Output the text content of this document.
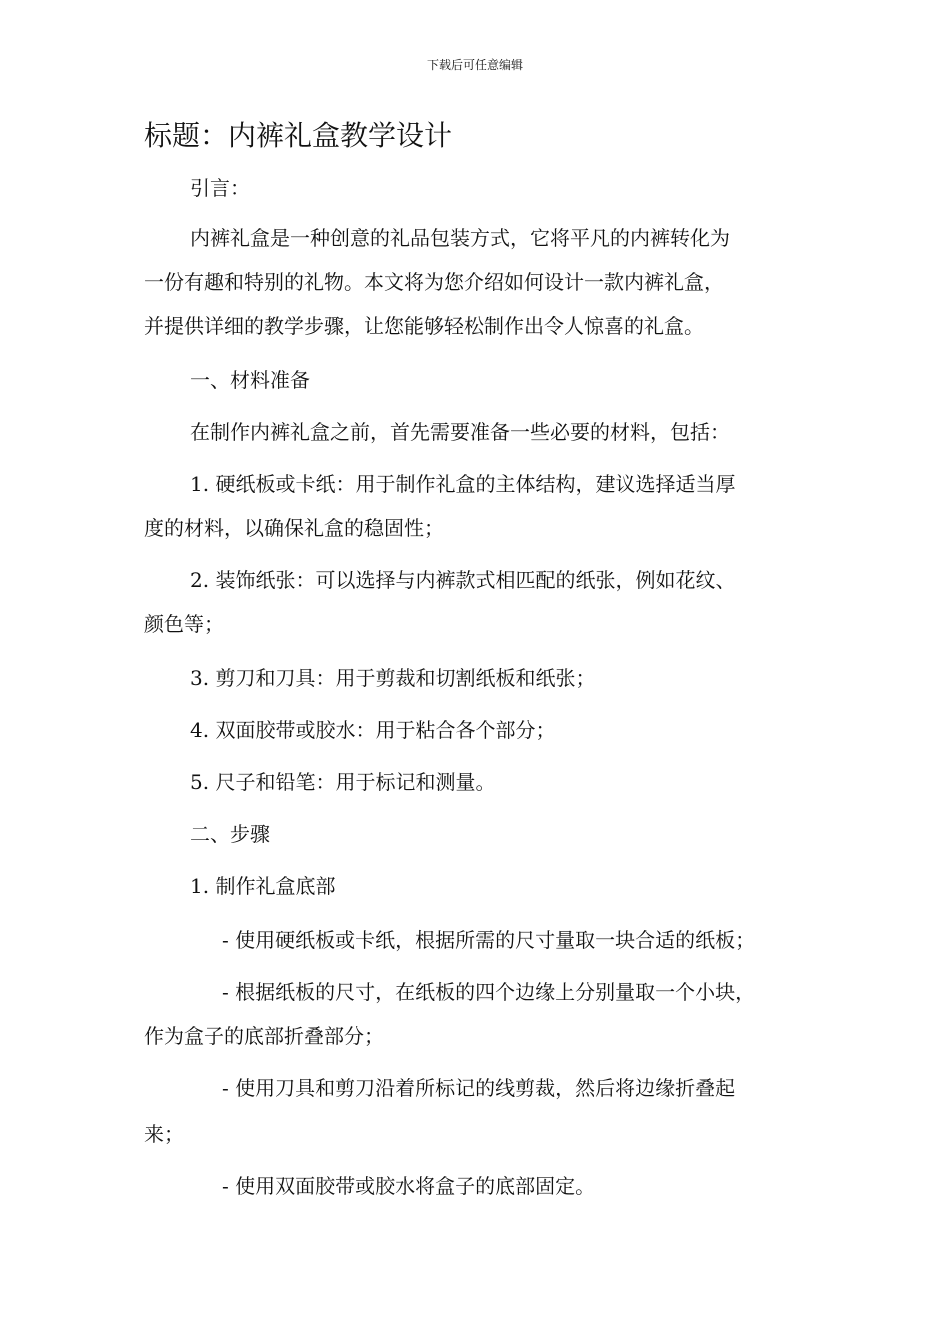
下载后可任意编辑
标题：内裤礼盒教学设计
引言：
内裤礼盒是一种创意的礼品包装方式，它将平凡的内裤转化为
一份有趣和特别的礼物。本文将为您介绍如何设计一款内裤礼盒，
并提供详细的教学步骤，让您能够轻松制作出令人惊喜的礼盒。
一、材料准备
在制作内裤礼盒之前，首先需要准备一些必要的材料，包括：
1. 硬纸板或卡纸：用于制作礼盒的主体结构，建议选择适当厚
度的材料，以确保礼盒的稳固性；
2. 装饰纸张：可以选择与内裤款式相匹配的纸张，例如花纹、
颜色等；
3. 剪刀和刀具：用于剪裁和切割纸板和纸张；
4. 双面胶带或胶水：用于粘合各个部分；
5. 尺子和铅笔：用于标记和测量。
二、步骤
1. 制作礼盒底部
- 使用硬纸板或卡纸，根据所需的尺寸量取一块合适的纸板；
- 根据纸板的尺寸，在纸板的四个边缘上分别量取一个小块，
作为盒子的底部折叠部分；
- 使用刀具和剪刀沿着所标记的线剪裁，然后将边缘折叠起
来；
- 使用双面胶带或胶水将盒子的底部固定。
